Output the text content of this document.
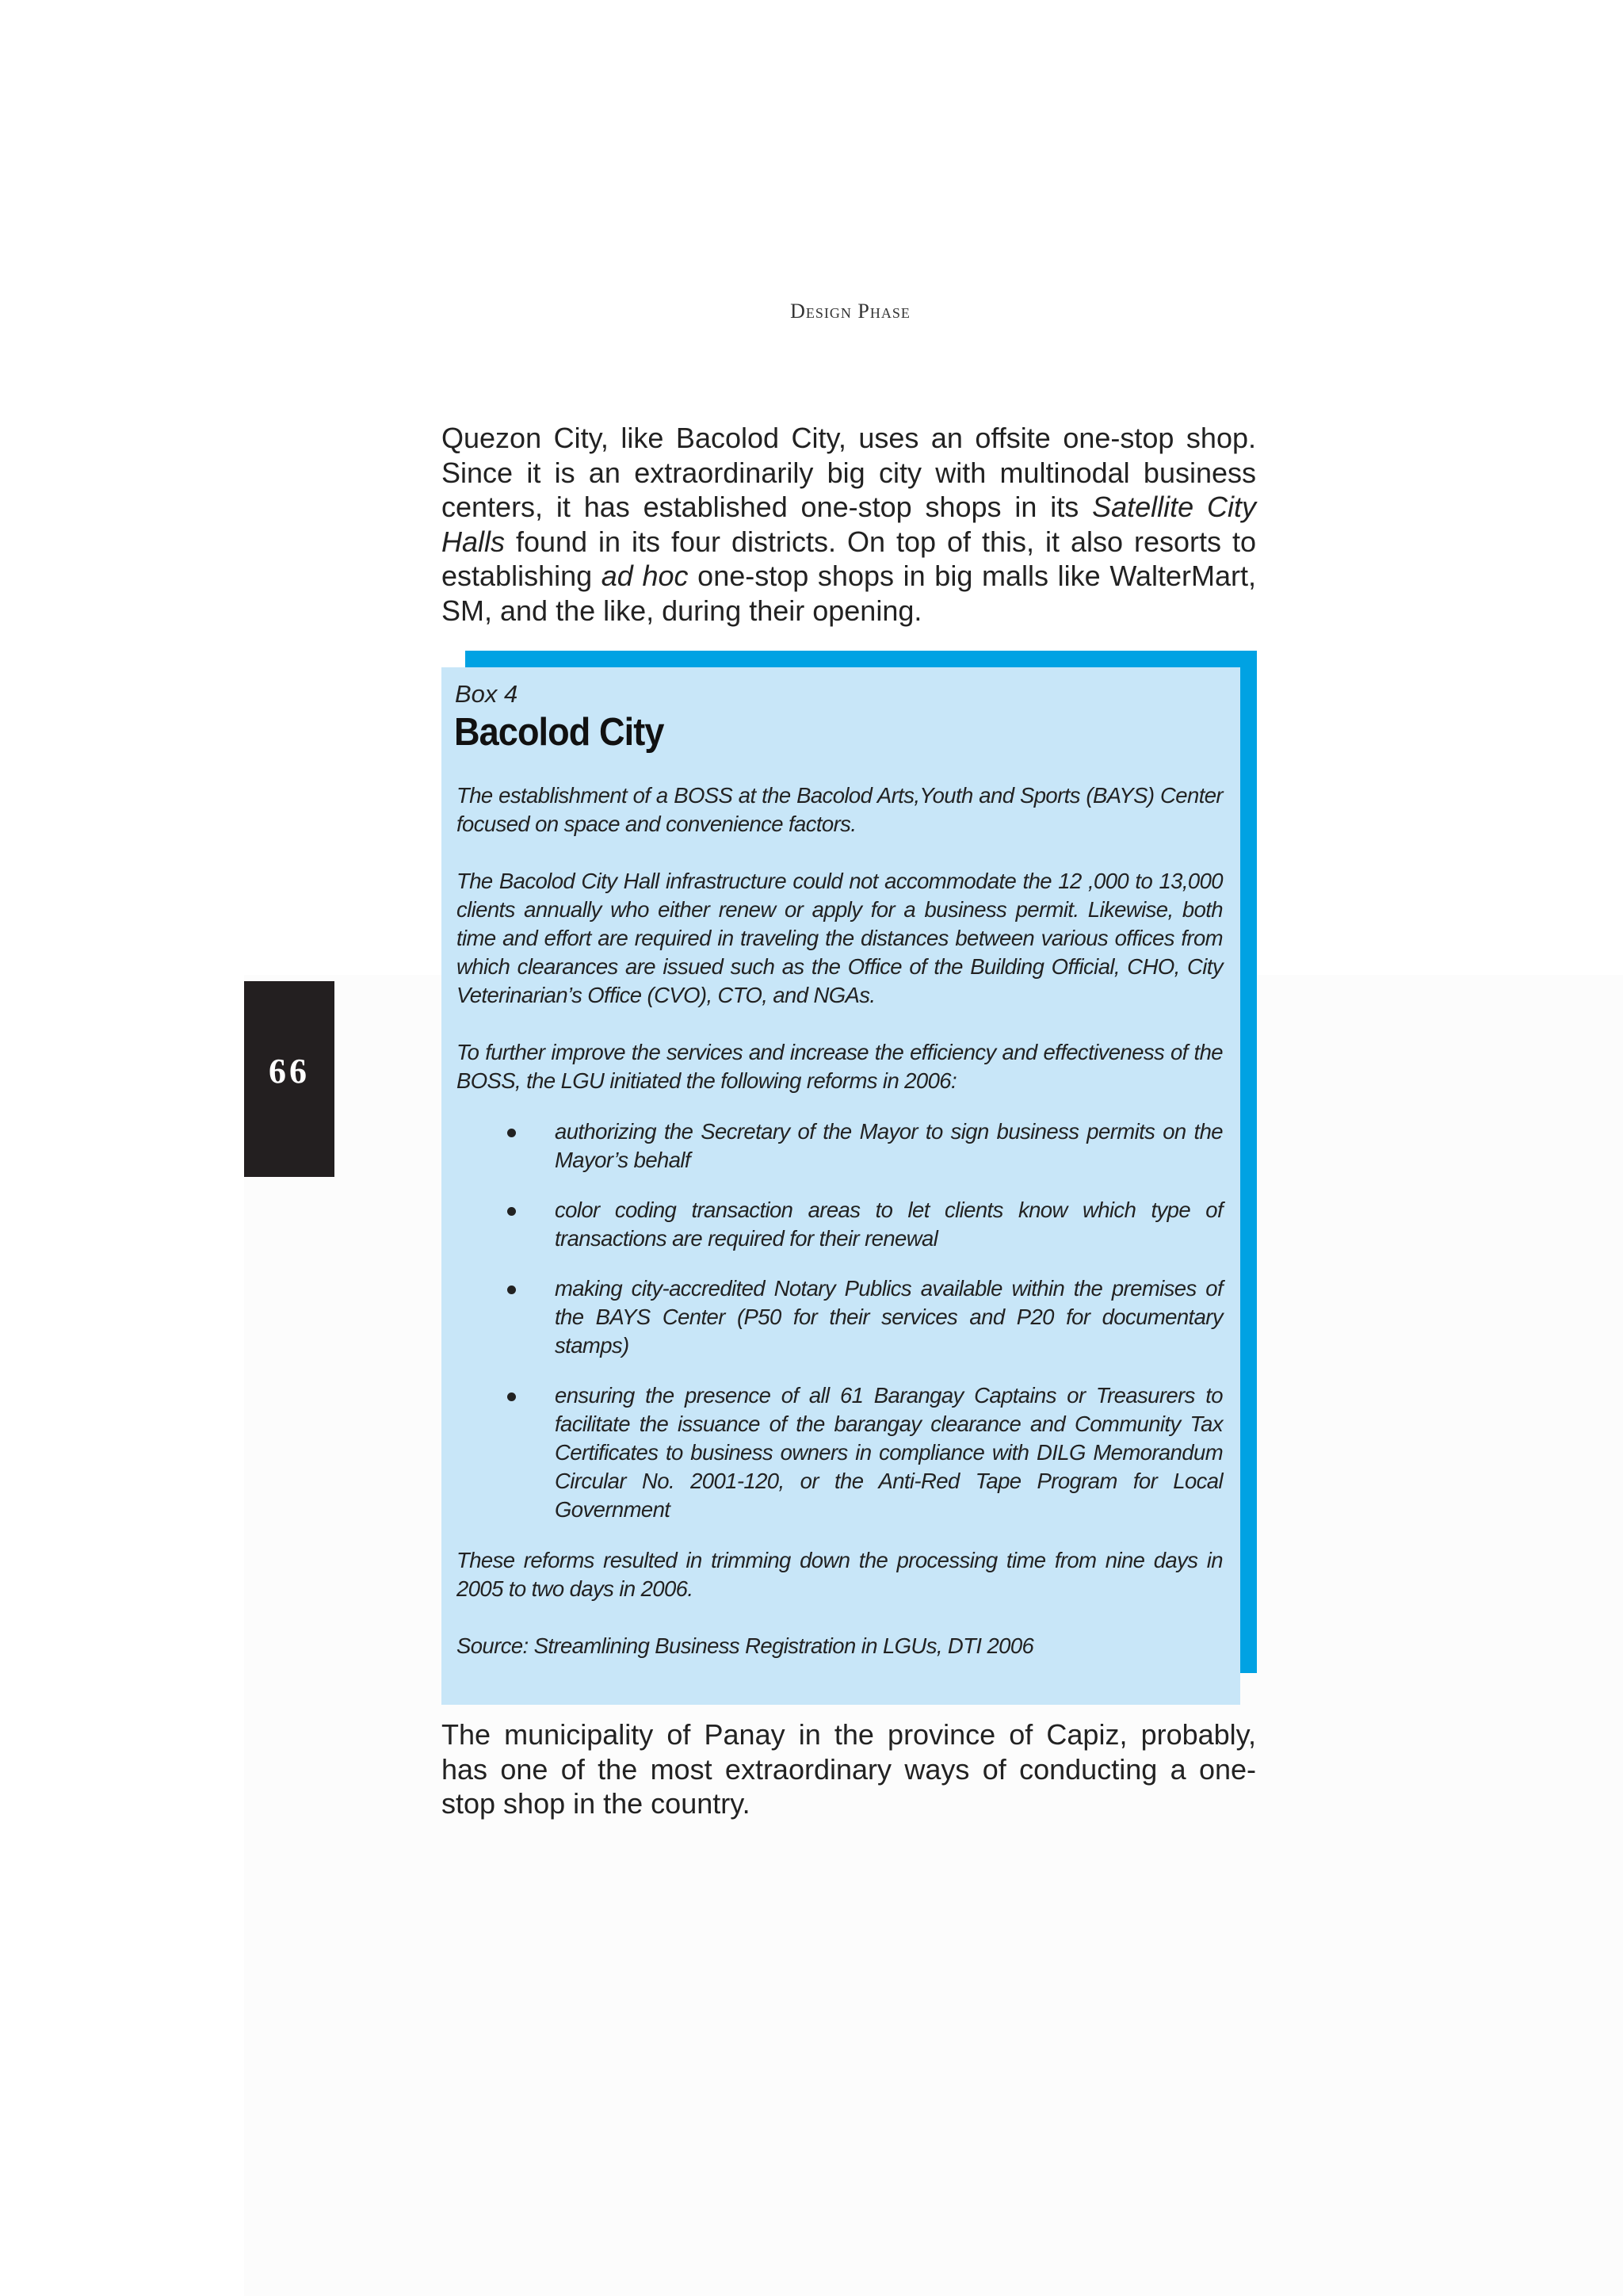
Design Phase
Quezon City, like Bacolod City, uses an offsite one-stop shop. Since it is an extraordinarily big city with multinodal business centers, it has established one-stop shops in its Satellite City Halls found in its four districts. On top of this, it also resorts to establishing ad hoc one-stop shops in big malls like WalterMart, SM, and the like, during their opening.
Box 4
Bacolod City

The establishment of a BOSS at the Bacolod Arts,Youth and Sports (BAYS) Center focused on space and convenience factors.

The Bacolod City Hall infrastructure could not accommodate the 12 ,000 to 13,000 clients annually who either renew or apply for a business permit. Likewise, both time and effort are required in traveling the distances between various offices from which clearances are issued such as the Office of the Building Official, CHO, City Veterinarian’s Office (CVO), CTO, and NGAs.

To further improve the services and increase the efficiency and effectiveness of the BOSS, the LGU initiated the following reforms in 2006:

authorizing the Secretary of the Mayor to sign business permits on the Mayor’s behalf
color coding transaction areas to let clients know which type of transactions are required for their renewal
making city-accredited Notary Publics available within the premises of the BAYS Center (P50 for their services and P20 for documentary stamps)
ensuring the presence of all 61 Barangay Captains or Treasurers to facilitate the issuance of the barangay clearance and Community Tax Certificates to business owners in compliance with DILG Memorandum Circular No. 2001-120, or the Anti-Red Tape Program for Local Government

These reforms resulted in trimming down the processing time from nine days in 2005 to two days in 2006.

Source: Streamlining Business Registration in LGUs, DTI 2006

The municipality of Panay in the province of Capiz, probably, has one of the most extraordinary ways of conducting a one-stop shop in the country.
66
